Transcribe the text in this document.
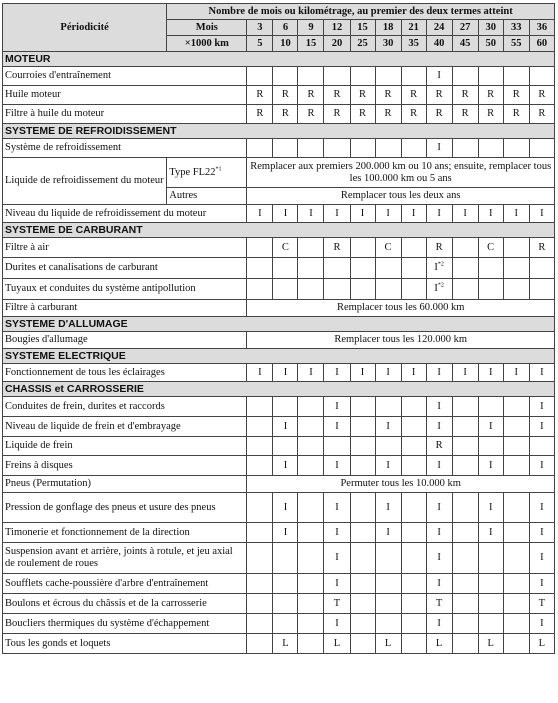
Périodicité	Nombre de mois ou kilométrage, au premier des deux termes atteint												
	Mois	3	6	9	12	15	18	21	24	27	30	33	36
	×1000 km	5	10	15	20	25	30	35	40	45	50	55	60
MOTEUR													
Courroies d'entraînement									I				
Huile moteur		R	R	R	R	R	R	R	R	R	R	R	R
Filtre à huile du moteur		R	R	R	R	R	R	R	R	R	R	R	R
SYSTEME DE REFROIDISSEMENT													
Système de refroidissement									I				
Liquide de refroidissement du moteur	Type FL22$^{*1}$	Remplacer aux premiers 200.000 km ou 10 ans; ensuite, remplacer tous les 100.000 km ou 5 ans											
	Autres	Remplacer tous les deux ans											
Niveau du liquide de refroidissement du moteur		I	I	I	I	I	I	I	I	I	I	I	I
SYSTEME DE CARBURANT													
Filtre à air			C		R		C		R		C		R
Durites et canalisations de carburant									$I^{*2}$				
Tuyaux et conduites du système antipollution									$I^{*2}$				
Filtre à carburant		Remplacer tous les 60.000 km											
SYSTEME D'ALLUMAGE													
Bougies d'allumage		Remplacer tous les 120.000 km											
SYSTEME ELECTRIQUE													
Fonctionnement de tous les éclairages		I	I	I	I	I	I	I	I	I	I	I	I
CHASSIS et CARROSSERIE													
Conduites de frein, durites et raccords					I				I				I
Niveau de liquide de frein et d'embrayage			I		I		I		I		I		I
Liquide de frein									R				
Freins à disques			I		I		I		I		I		I
Pneus (Permutation)		Permuter tous les 10.000 km											
Pression de gonflage des pneus et usure des pneus			I		I		I		I		I		I
Timonerie et fonctionnement de la direction			I		I		I		I		I		I
Suspension avant et arrière, joints à rotule, et jeu axial de roulement de roues					I				I				I
Soufflets cache-poussière d'arbre d'entraînement					I				I				I
Boulons et écrous du châssis et de la carrosserie					T				T				T
Boucliers thermiques du système d'échappement					I				I				I
Tous les gonds et loquets			L		L		L		L		L		L
